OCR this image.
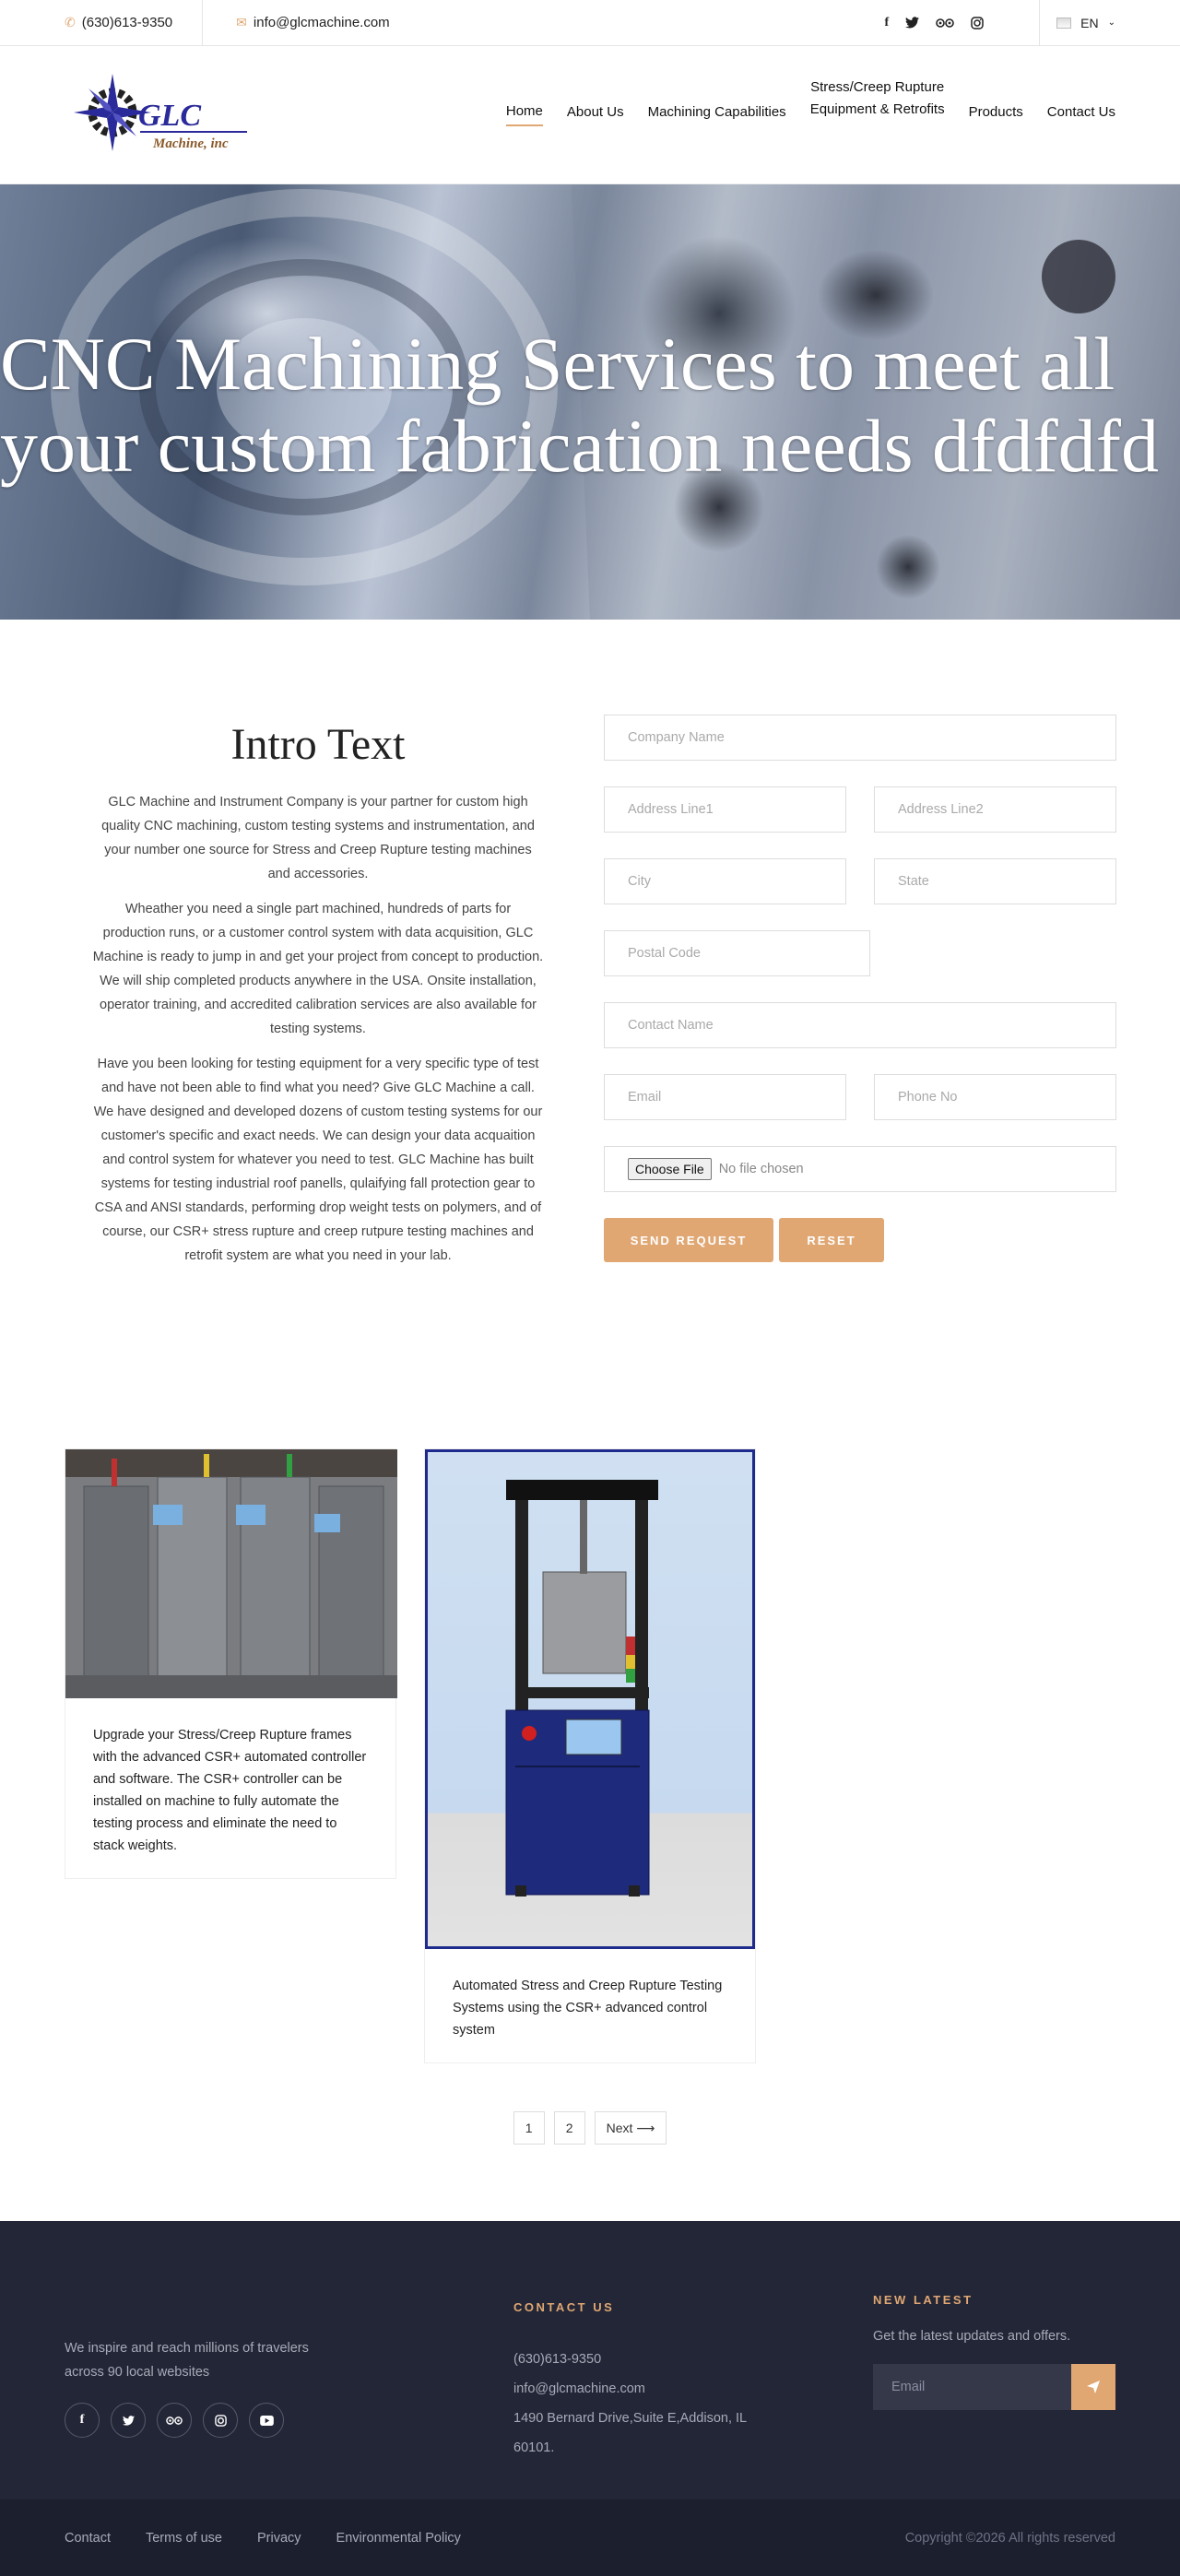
✆ (630)613-9350	✉ info@glcmachine.com	f	EN ⌄
GLC
Machine, inc
Home About Us Machining Capabilities
Stress/Creep Rupture
Equipment & Retrofits Products Contact Us
CNC Machining Services to meet all your custom fabrication needs dfdfdfd
Intro Text

GLC Machine and Instrument Company is your partner for custom high quality CNC machining, custom testing systems and instrumentation, and your number one source for Stress and Creep Rupture testing machines and accessories.

Wheather you need a single part machined, hundreds of parts for production runs, or a customer control system with data acquisition, GLC Machine is ready to jump in and get your project from concept to production. We will ship completed products anywhere in the USA. Onsite installation, operator training, and accredited calibration services are also available for testing systems.

Have you been looking for testing equipment for a very specific type of test and have not been able to find what you need? Give GLC Machine a call. We have designed and developed dozens of custom testing systems for our customer's specific and exact needs. We can design your data acquaition and control system for whatever you need to test. GLC Machine has built systems for testing industrial roof panells, qulaifying fall protection gear to CSA and ANSI standards, performing drop weight tests on polymers, and of course, our CSR+ stress rupture and creep rutpure testing machines and retrofit system are what you need in your lab.

Company Name
Address Line1	Address Line2
City	State
Postal Code
Contact Name
Email	Phone No
Choose File	No file chosen
SEND REQUEST	RESET
Upgrade your Stress/Creep Rupture frames with the advanced CSR+ automated controller and software. The CSR+ controller can be installed on machine to fully automate the testing process and eliminate the need to stack weights.
Automated Stress and Creep Rupture Testing Systems using the CSR+ advanced control system
1	2	Next ⟶
We inspire and reach millions of travelers across 90 local websites
f
CONTACT US
(630)613-9350
info@glcmachine.com
1490 Bernard Drive,Suite E,Addison, IL 60101.
NEW LATEST
Get the latest updates and offers.
Email
Contact	Terms of use	Privacy	Environmental Policy	Copyright ©2026 All rights reserved
